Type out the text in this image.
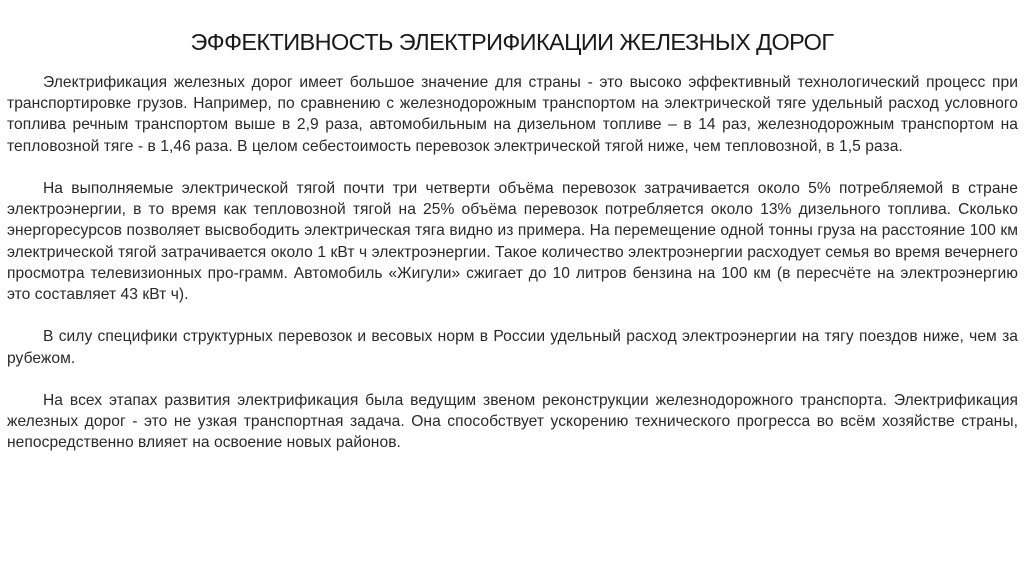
ЭФФЕКТИВНОСТЬ ЭЛЕКТРИФИКАЦИИ ЖЕЛЕЗНЫХ ДОРОГ

Электрификация железных дорог имеет большое значение для страны - это высоко эффективный технологический процесс при транспортировке грузов. Например, по сравнению с железнодорожным транспортом на электрической тяге удельный расход условного топлива речным транспортом выше в 2,9 раза, автомобильным на дизельном топливе – в 14 раз, железнодорожным транспортом на тепловозной тяге - в 1,46 раза. В целом себестоимость перевозок электрической тягой ниже, чем тепловозной, в 1,5 раза.

На выполняемые электрической тягой почти три четверти объёма перевозок затрачивается около 5% потребляемой в стране электроэнергии, в то время как тепловозной тягой на 25% объёма перевозок потребляется около 13% дизельного топлива. Сколько энергоресурсов позволяет высвободить электрическая тяга видно из примера. На перемещение одной тонны груза на расстояние 100 км электрической тягой затрачивается около 1 кВт ч электроэнергии. Такое количество электроэнергии расходует семья во время вечернего просмотра телевизионных про-грамм. Автомобиль «Жигули» сжигает до 10 литров бензина на 100 км (в пересчёте на электроэнергию это составляет 43 кВт ч).

В силу специфики структурных перевозок и весовых норм в России удельный расход электроэнергии на тягу поездов ниже, чем за рубежом.

На всех этапах развития электрификация была ведущим звеном реконструкции железнодорожного транспорта. Электрификация железных дорог - это не узкая транспортная задача. Она способствует ускорению технического прогресса во всём хозяйстве страны, непосредственно влияет на освоение новых районов.
